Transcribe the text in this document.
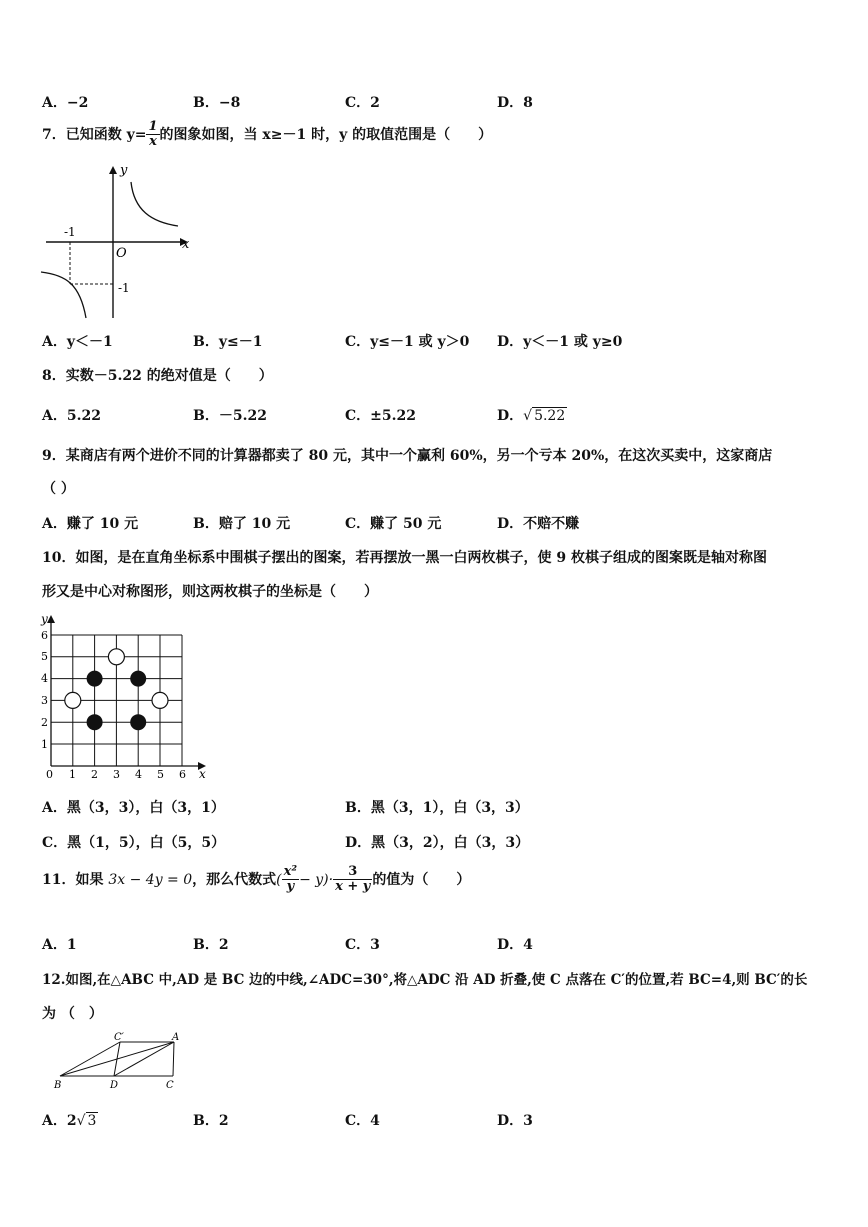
A．−2	B．−8	C．2	D．8
7．已知函数 $y= \frac{1}{x}$ 的图象如图，当 x≥－1 时，y 的取值范围是（　　）
y
x
O
-1
-1
A．y＜－1	B．y≤－1	C．y≤－1 或 y＞0 D．y＜－1 或 y≥0
8．实数－5.22 的绝对值是（　　）
A．5.22	B．－5.22	C．±5.22	D．√ 5.22
9．某商店有两个进价不同的计算器都卖了 80 元，其中一个赢利 60%，另一个亏本 20%，在这次买卖中，这家商店
（ ）
A．赚了 10 元	B．赔了 10 元	C．赚了 50 元	D．不赔不赚
10．如图，是在直角坐标系中围棋子摆出的图案，若再摆放一黑一白两枚棋子，使 9 枚棋子组成的图案既是轴对称图
形又是中心对称图形，则这两枚棋子的坐标是（　　）
y
x
0 1 2 3 4 5 6
1
2
3
4
5
6
A．黑（3，3），白（3，1）	B．黑（3，1），白（3，3）
C．黑（1，5），白（5，5）	D．黑（3，2），白（3，3）
11．如果 3x − 4y = 0，那么代数式( $\frac{\text{x²}}{y} - y)\cdot \frac{3}{x + y}$ 的值为（　　）
A．1	B．2	C．3	D．4
12.如图,在△ABC 中,AD 是 BC 边的中线,∠ADC=30°,将△ADC 沿 AD 折叠,使 C 点落在 C′的位置,若 BC=4,则 BC′的长
为 （　）
C′	A
B	D	C
A．2√ 3	B．2	C．4	D．3
